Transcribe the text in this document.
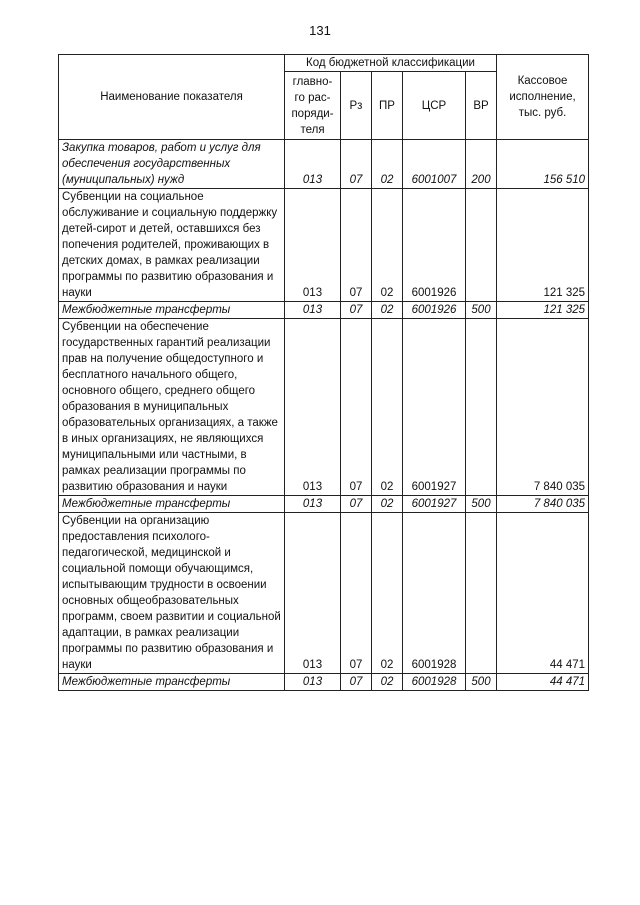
131
Наименование показателя	Код бюджетной классификации					Кассовое исполнение, тыс. руб.
	главно-го рас-поряди-теля	Рз	ПР	ЦСР	ВР	
Закупка товаров, работ и услуг для обеспечения государственных (муниципальных) нужд	013	07	02	6001007	200	156 510
Субвенции на социальное обслуживание и социальную поддержку детей-сирот и детей, оставшихся без попечения родителей, проживающих в детских домах, в рамках реализации программы по развитию образования и науки	013	07	02	6001926		121 325
Межбюджетные трансферты	013	07	02	6001926	500	121 325
Субвенции на обеспечение государственных гарантий реализации прав на получение общедоступного и бесплатного начального общего, основного общего, среднего общего образования в муниципальных образовательных организациях, а также в иных организациях, не являющихся муниципальными или частными, в рамках реализации программы по развитию образования и науки	013	07	02	6001927		7 840 035
Межбюджетные трансферты	013	07	02	6001927	500	7 840 035
Субвенции на организацию предоставления психолого-педагогической, медицинской и социальной помощи обучающимся, испытывающим трудности в освоении основных общеобразовательных программ, своем развитии и социальной адаптации, в рамках реализации программы по развитию образования и науки	013	07	02	6001928		44 471
Межбюджетные трансферты	013	07	02	6001928	500	44 471
